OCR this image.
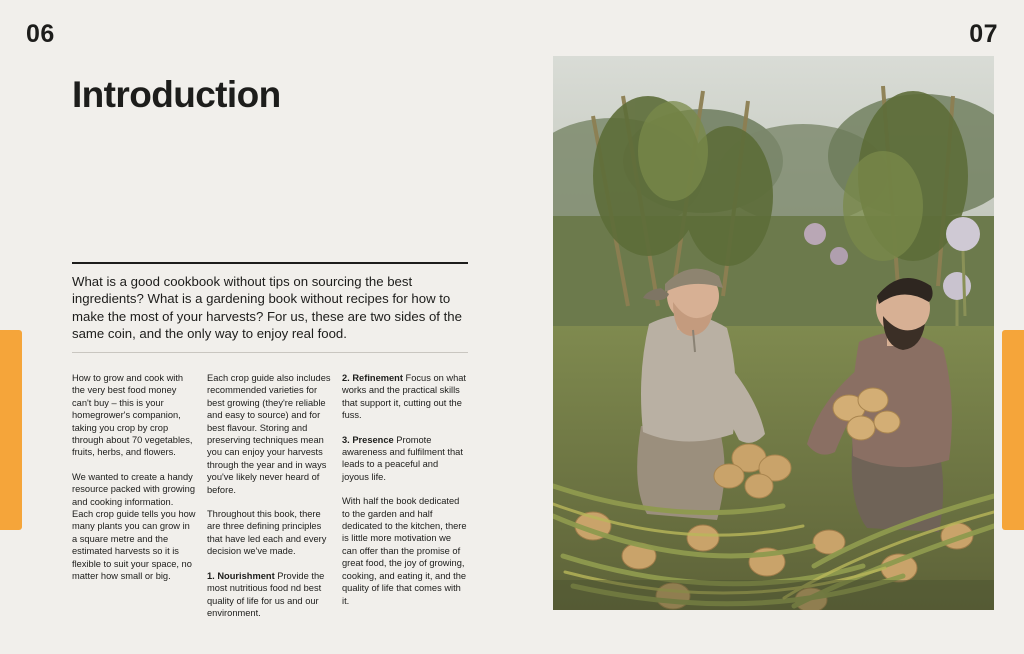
06	07
Introduction

What is a good cookbook without tips on sourcing the best ingredients? What is a gardening book without recipes for how to make the most of your harvests? For us, these are two sides of the same coin, and the only way to enjoy real food.

How to grow and cook with the very best food money can't buy – this is your homegrower's companion, taking you crop by crop through about 70 vegetables, fruits, herbs, and flowers.

We wanted to create a handy resource packed with growing and cooking information. Each crop guide tells you how many plants you can grow in a square metre and the estimated harvests so it is flexible to suit your space, no matter how small or big.

Each crop guide also includes recommended varieties for best growing (they're reliable and easy to source) and for best flavour. Storing and preserving techniques mean you can enjoy your harvests through the year and in ways you've likely never heard of before.

Throughout this book, there are three defining principles that have led each and every decision we've made.

1. Nourishment Provide the most nutritious food nd best quality of life for us and our environment.

2. Refinement Focus on what works and the practical skills that support it, cutting out the fuss.

3. Presence Promote awareness and fulfilment that leads to a peaceful and joyous life.

With half the book dedicated to the garden and half dedicated to the kitchen, there is little more motivation we can offer than the promise of great food, the joy of growing, cooking, and eating it, and the quality of life that comes with it.
